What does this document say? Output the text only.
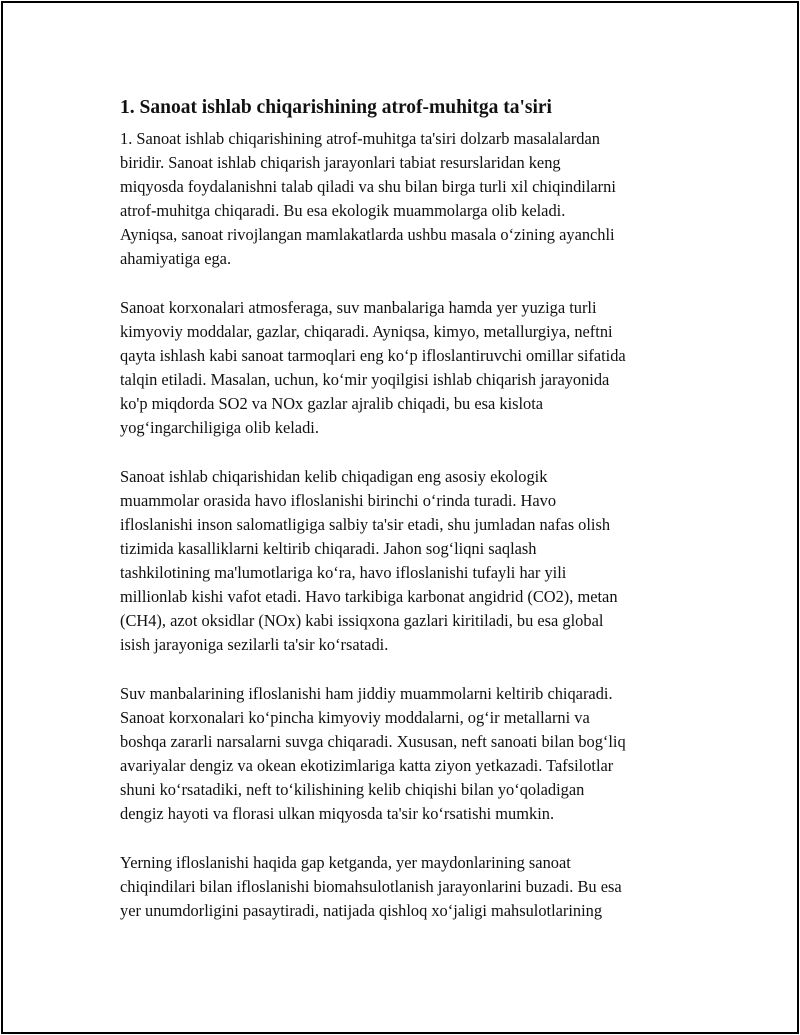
1. Sanoat ishlab chiqarishining atrof-muhitga ta'siri

1. Sanoat ishlab chiqarishining atrof-muhitga ta'siri dolzarb masalalardan
biridir. Sanoat ishlab chiqarish jarayonlari tabiat resurslaridan keng
miqyosda foydalanishni talab qiladi va shu bilan birga turli xil chiqindilarni
atrof-muhitga chiqaradi. Bu esa ekologik muammolarga olib keladi.
Ayniqsa, sanoat rivojlangan mamlakatlarda ushbu masala o‘zining ayanchli
ahamiyatiga ega.

Sanoat korxonalari atmosferaga, suv manbalariga hamda yer yuziga turli
kimyoviy moddalar, gazlar, chiqaradi. Ayniqsa, kimyo, metallurgiya, neftni
qayta ishlash kabi sanoat tarmoqlari eng ko‘p ifloslantiruvchi omillar sifatida
talqin etiladi. Masalan, uchun, ko‘mir yoqilgisi ishlab chiqarish jarayonida
ko'p miqdorda SO2 va NOx gazlar ajralib chiqadi, bu esa kislota
yog‘ingarchiligiga olib keladi.

Sanoat ishlab chiqarishidan kelib chiqadigan eng asosiy ekologik
muammolar orasida havo ifloslanishi birinchi o‘rinda turadi. Havo
ifloslanishi inson salomatligiga salbiy ta'sir etadi, shu jumladan nafas olish
tizimida kasalliklarni keltirib chiqaradi. Jahon sog‘liqni saqlash
tashkilotining ma'lumotlariga ko‘ra, havo ifloslanishi tufayli har yili
millionlab kishi vafot etadi. Havo tarkibiga karbonat angidrid (CO2), metan
(CH4), azot oksidlar (NOx) kabi issiqxona gazlari kiritiladi, bu esa global
isish jarayoniga sezilarli ta'sir ko‘rsatadi.

Suv manbalarining ifloslanishi ham jiddiy muammolarni keltirib chiqaradi.
Sanoat korxonalari ko‘pincha kimyoviy moddalarni, og‘ir metallarni va
boshqa zararli narsalarni suvga chiqaradi. Xususan, neft sanoati bilan bog‘liq
avariyalar dengiz va okean ekotizimlariga katta ziyon yetkazadi. Tafsilotlar
shuni ko‘rsatadiki, neft to‘kilishining kelib chiqishi bilan yo‘qoladigan
dengiz hayoti va florasi ulkan miqyosda ta'sir ko‘rsatishi mumkin.

Yerning ifloslanishi haqida gap ketganda, yer maydonlarining sanoat
chiqindilari bilan ifloslanishi biomahsulotlanish jarayonlarini buzadi. Bu esa
yer unumdorligini pasaytiradi, natijada qishloq xo‘jaligi mahsulotlarining
